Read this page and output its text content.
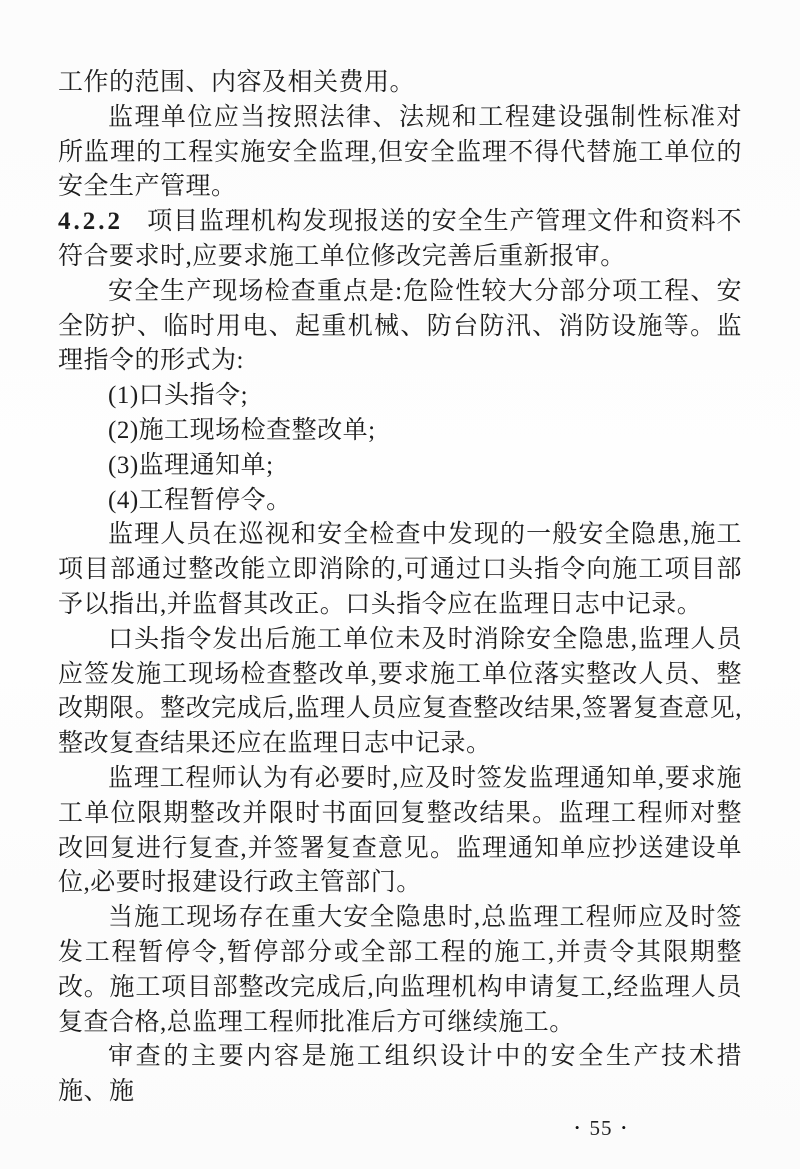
工作的范围、内容及相关费用。

监理单位应当按照法律、法规和工程建设强制性标准对所监理的工程实施安全监理,但安全监理不得代替施工单位的安全生产管理。

4.2.2 项目监理机构发现报送的安全生产管理文件和资料不符合要求时,应要求施工单位修改完善后重新报审。

安全生产现场检查重点是:危险性较大分部分项工程、安全防护、临时用电、起重机械、防台防汛、消防设施等。监理指令的形式为:

(1)口头指令;

(2)施工现场检查整改单;

(3)监理通知单;

(4)工程暂停令。

监理人员在巡视和安全检查中发现的一般安全隐患,施工项目部通过整改能立即消除的,可通过口头指令向施工项目部予以指出,并监督其改正。口头指令应在监理日志中记录。

口头指令发出后施工单位未及时消除安全隐患,监理人员应签发施工现场检查整改单,要求施工单位落实整改人员、整改期限。整改完成后,监理人员应复查整改结果,签署复查意见,整改复查结果还应在监理日志中记录。

监理工程师认为有必要时,应及时签发监理通知单,要求施工单位限期整改并限时书面回复整改结果。监理工程师对整改回复进行复查,并签署复查意见。监理通知单应抄送建设单位,必要时报建设行政主管部门。

当施工现场存在重大安全隐患时,总监理工程师应及时签发工程暂停令,暂停部分或全部工程的施工,并责令其限期整改。施工项目部整改完成后,向监理机构申请复工,经监理人员复查合格,总监理工程师批准后方可继续施工。

审查的主要内容是施工组织设计中的安全生产技术措施、施

• 55 •
